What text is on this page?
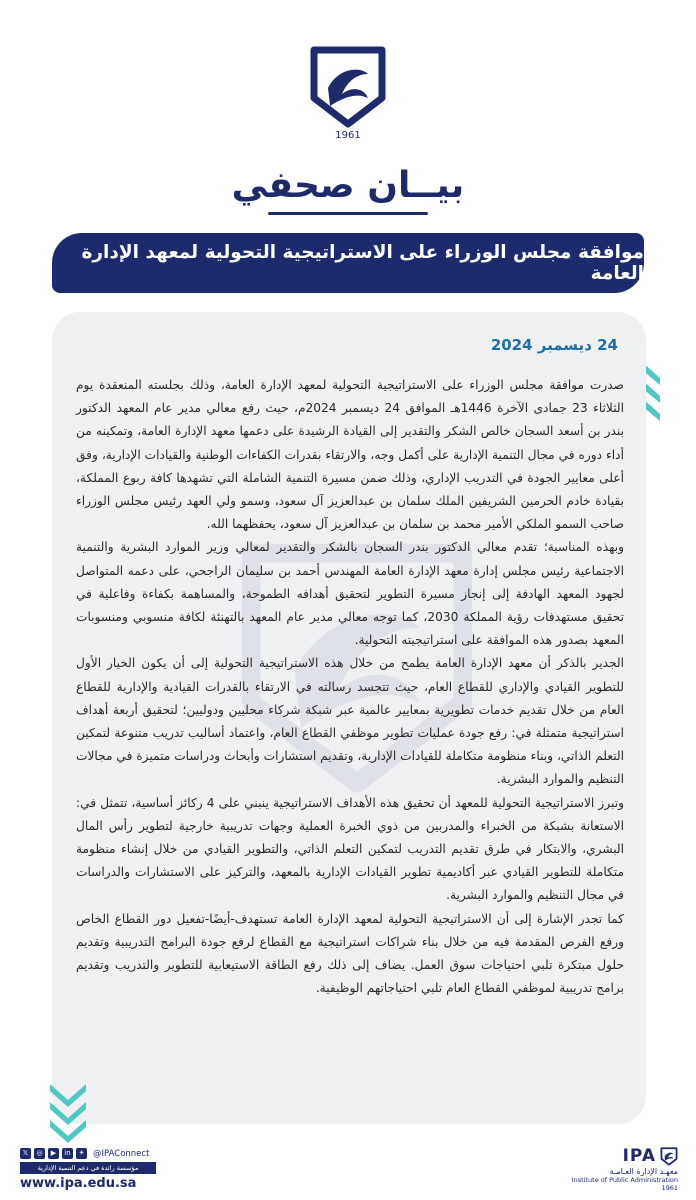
1961
بيــان صحفي
موافقة مجلس الوزراء على الاستراتيجية التحولية لمعهد الإدارة العامة
24 ديسمبر 2024

صدرت موافقة مجلس الوزراء على الاستراتيجية التحولية لمعهد الإدارة العامة، وذلك بجلسته المنعقدة يوم الثلاثاء 23 جمادى الآخرة 1446هـ الموافق 24 ديسمبر 2024م، حيث رفع معالي مدير عام المعهد الدكتور بندر بن أسعد السجان خالص الشكر والتقدير إلى القيادة الرشيدة على دعمها معهد الإدارة العامة، وتمكينه من أداء دوره في مجال التنمية الإدارية على أكمل وجه، والارتقاء بقدرات الكفاءات الوطنية والقيادات الإدارية، وفق أعلى معايير الجودة في التدريب الإداري، وذلك ضمن مسيرة التنمية الشاملة التي تشهدها كافة ربوع المملكة، بقيادة خادم الحرمين الشريفين الملك سلمان بن عبدالعزيز آل سعود، وسمو ولي العهد رئيس مجلس الوزراء صاحب السمو الملكي الأمير محمد بن سلمان بن عبدالعزيز آل سعود، يحفظهما الله.

وبهذه المناسبة؛ تقدم معالي الدكتور بندر السجان بالشكر والتقدير لمعالي وزير الموارد البشرية والتنمية الاجتماعية رئيس مجلس إدارة معهد الإدارة العامة المهندس أحمد بن سليمان الراجحي، على دعمه المتواصل لجهود المعهد الهادفة إلى إنجاز مسيرة التطوير لتحقيق أهدافه الطموحة، والمساهمة بكفاءة وفاعلية في تحقيق مستهدفات رؤية المملكة 2030، كما توجه معالي مدير عام المعهد بالتهنئة لكافة منسوبي ومنسوبات المعهد بصدور هذه الموافقة على استراتيجيته التحولية.

الجدير بالذكر أن معهد الإدارة العامة يطمح من خلال هذه الاستراتيجية التحولية إلى أن يكون الخيار الأول للتطوير القيادي والإداري للقطاع العام، حيث تتجسد رسالته في الارتقاء بالقدرات القيادية والإدارية للقطاع العام من خلال تقديم خدمات تطويرية بمعايير عالمية عبر شبكة شركاء محليين ودوليين؛ لتحقيق أربعة أهداف استراتيجية متمثلة في: رفع جودة عمليات تطوير موظفي القطاع العام، واعتماد أساليب تدريب متنوعة لتمكين التعلم الذاتي، وبناء منظومة متكاملة للقيادات الإدارية، وتقديم استشارات وأبحاث ودراسات متميزة في مجالات التنظيم والموارد البشرية.

وتبرز الاستراتيجية التحولية للمعهد أن تحقيق هذه الأهداف الاستراتيجية ينبني على 4 ركائز أساسية، تتمثل في: الاستعانة بشبكة من الخبراء والمدربين من ذوي الخبرة العملية وجهات تدريبية خارجية لتطوير رأس المال البشري، والابتكار في طرق تقديم التدريب لتمكين التعلم الذاتي، والتطوير القيادي من خلال إنشاء منظومة متكاملة للتطوير القيادي عبر أكاديمية تطوير القيادات الإدارية بالمعهد، والتركيز على الاستشارات والدراسات في مجال التنظيم والموارد البشرية.

كما تجدر الإشارة إلى أن الاستراتيجية التحولية لمعهد الإدارة العامة تستهدف-أيضًا-تفعيل دور القطاع الخاص ورفع الفرص المقدمة فيه من خلال بناء شراكات استراتيجية مع القطاع لرفع جودة البرامج التدريبية وتقديم حلول مبتكرة تلبي احتياجات سوق العمل. يضاف إلى ذلك رفع الطاقة الاستيعابية للتطوير والتدريب وتقديم برامج تدريبية لموظفي القطاع العام تلبي احتياجاتهم الوظيفية.

𝕏	◎	▶	in	✦	@IPAConnect
مؤسسة رائدة في دعم التنمية الإدارية
www.ipa.edu.sa
IPA
معهـد الإدارة العـامـة
Institute of Public Administration
1961
